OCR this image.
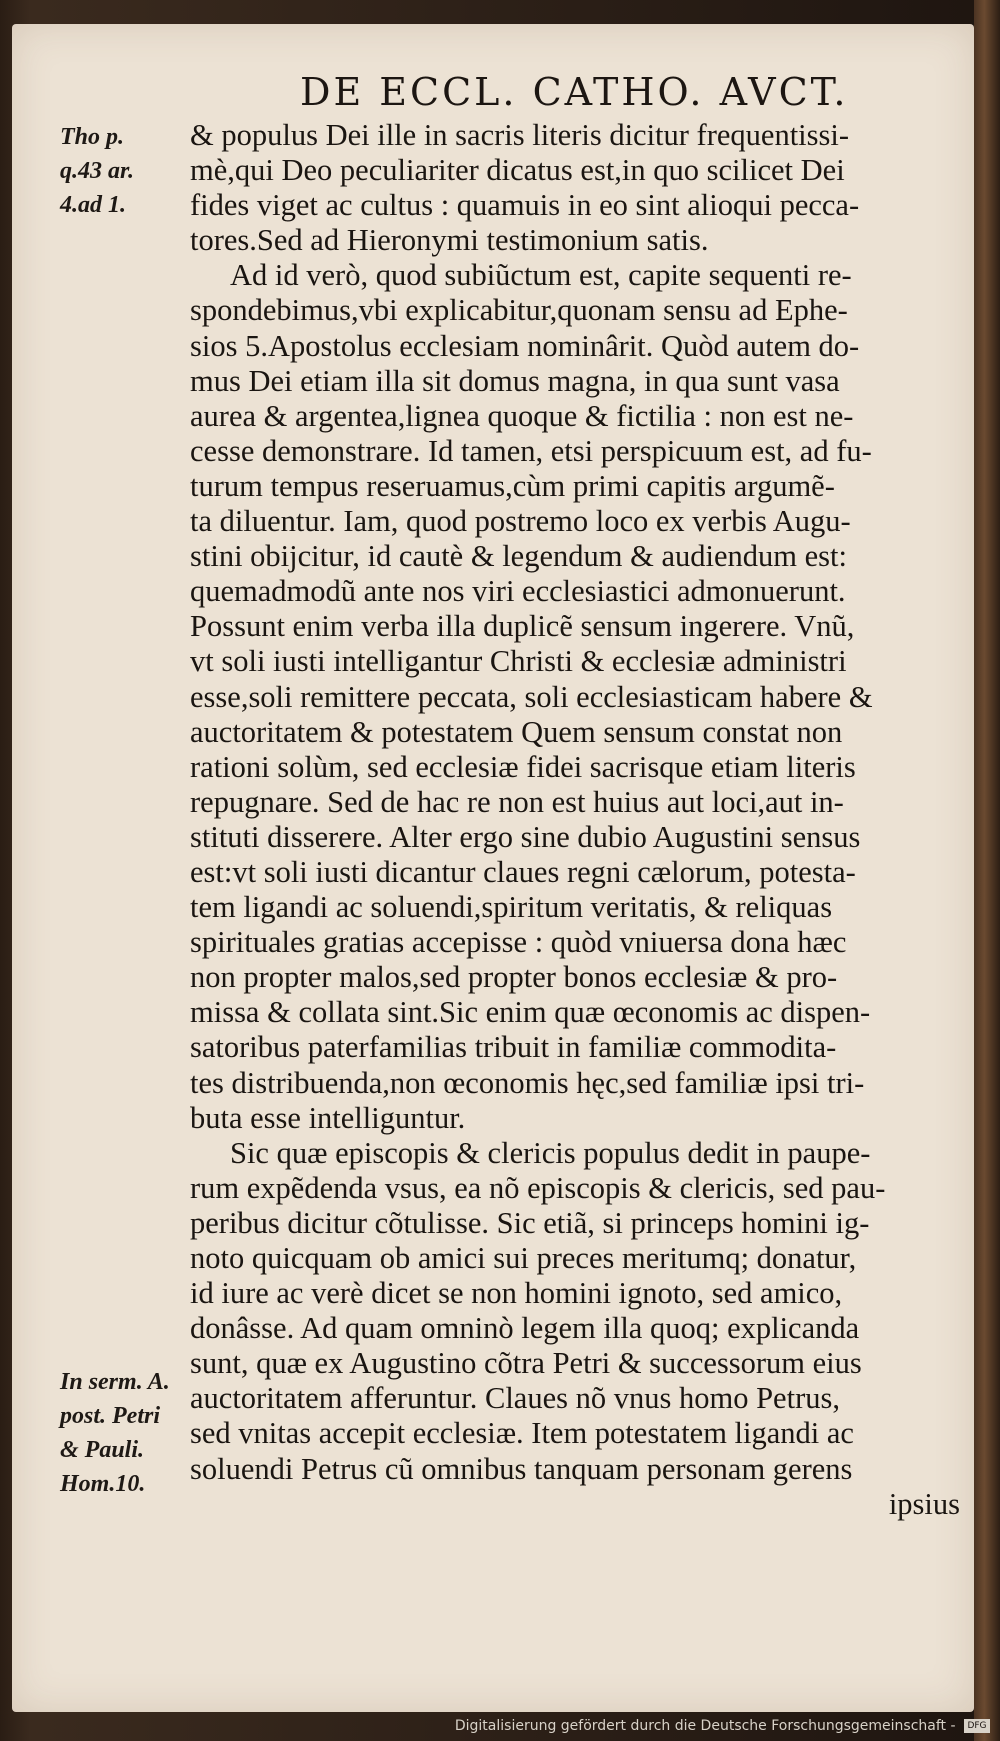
DE ECCL. CATHO. AVCT.
Tho p.
q.43 ar.
4.ad 1.
In serm. A.
post. Petri
& Pauli.
Hom.10.
& populus Dei ille in sacris literis dicitur frequentissi-
mè,qui Deo peculiariter dicatus est,in quo scilicet Dei
fides viget ac cultus : quamuis in eo sint alioqui pecca-
tores.Sed ad Hieronymi testimonium satis.
Ad id verò, quod subiũctum est, capite sequenti re-
spondebimus,vbi explicabitur,quonam sensu ad Ephe-
sios 5.Apostolus ecclesiam nominârit. Quòd autem do-
mus Dei etiam illa sit domus magna, in qua sunt vasa
aurea & argentea,lignea quoque & fictilia : non est ne-
cesse demonstrare. Id tamen, etsi perspicuum est, ad fu-
turum tempus reseruamus,cùm primi capitis argumẽ-
ta diluentur. Iam, quod postremo loco ex verbis Augu-
stini obijcitur, id cautè & legendum & audiendum est:
quemadmodũ ante nos viri ecclesiastici admonuerunt.
Possunt enim verba illa duplicẽ sensum ingerere. Vnũ,
vt soli iusti intelligantur Christi & ecclesiæ administri
esse,soli remittere peccata, soli ecclesiasticam habere &
auctoritatem & potestatem Quem sensum constat non
rationi solùm, sed ecclesiæ fidei sacrisque etiam literis
repugnare. Sed de hac re non est huius aut loci,aut in-
stituti disserere. Alter ergo sine dubio Augustini sensus
est:vt soli iusti dicantur claues regni cælorum, potesta-
tem ligandi ac soluendi,spiritum veritatis, & reliquas
spirituales gratias accepisse : quòd vniuersa dona hæc
non propter malos,sed propter bonos ecclesiæ & pro-
missa & collata sint.Sic enim quæ œconomis ac dispen-
satoribus paterfamilias tribuit in familiæ commodita-
tes distribuenda,non œconomis hęc,sed familiæ ipsi tri-
buta esse intelliguntur.
Sic quæ episcopis & clericis populus dedit in paupe-
rum expẽdenda vsus, ea nõ episcopis & clericis, sed pau-
peribus dicitur cõtulisse. Sic etiã, si princeps homini ig-
noto quicquam ob amici sui preces meritumq; donatur,
id iure ac verè dicet se non homini ignoto, sed amico,
donâsse. Ad quam omninò legem illa quoq; explicanda
sunt, quæ ex Augustino cõtra Petri & successorum eius
auctoritatem afferuntur. Claues nõ vnus homo Petrus,
sed vnitas accepit ecclesiæ. Item potestatem ligandi ac
soluendi Petrus cũ omnibus tanquam personam gerens
ipsius
Digitalisierung gefördert durch die Deutsche Forschungsgemeinschaft - DFG
